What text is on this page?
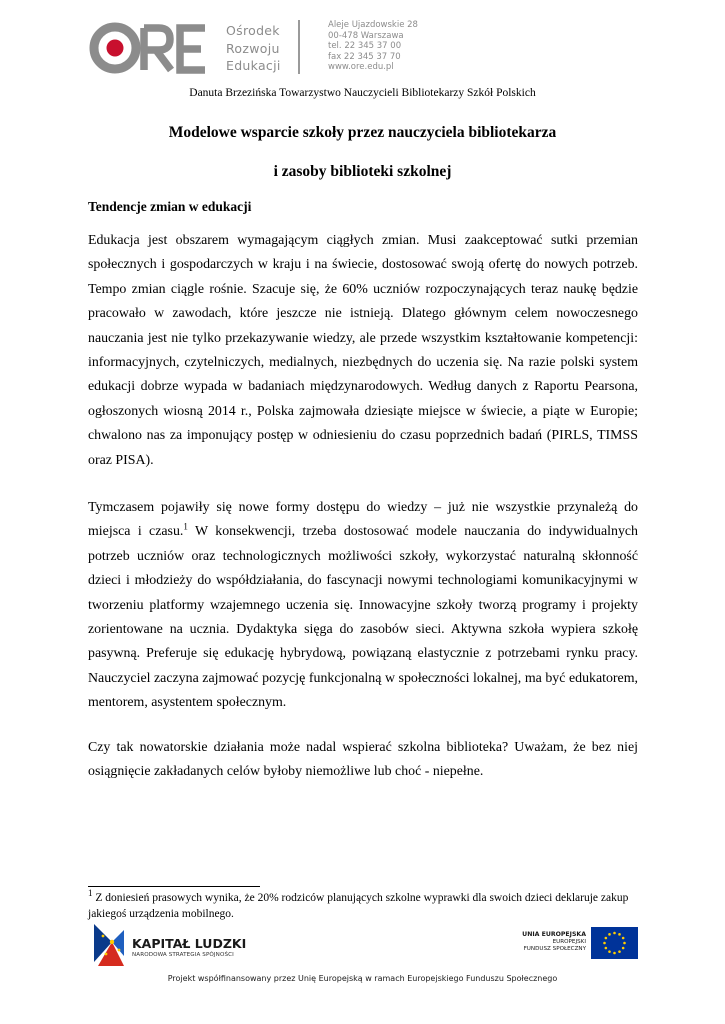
Ośrodek
Rozwoju
Edukacji
Aleje Ujazdowskie 28
00-478 Warszawa
tel. 22 345 37 00
fax 22 345 37 70
www.ore.edu.pl
Danuta Brzezińska Towarzystwo Nauczycieli Bibliotekarzy Szkół Polskich
Modelowe wsparcie szkoły przez nauczyciela bibliotekarza
i zasoby biblioteki szkolnej
Tendencje zmian w edukacji
Edukacja jest obszarem wymagającym ciągłych zmian. Musi zaakceptować sutki przemian społecznych i gospodarczych w kraju i na świecie, dostosować swoją ofertę do nowych potrzeb. Tempo zmian ciągle rośnie. Szacuje się, że 60% uczniów rozpoczynających teraz naukę będzie pracowało w zawodach, które jeszcze nie istnieją. Dlatego głównym celem nowoczesnego nauczania jest nie tylko przekazywanie wiedzy, ale przede wszystkim kształtowanie kompetencji: informacyjnych, czytelniczych, medialnych, niezbędnych do uczenia się. Na razie polski system edukacji dobrze wypada w badaniach międzynarodowych. Według danych z Raportu Pearsona, ogłoszonych wiosną 2014 r., Polska zajmowała dziesiąte miejsce w świecie, a piąte w Europie; chwalono nas za imponujący postęp w odniesieniu do czasu poprzednich badań (PIRLS, TIMSS oraz PISA).
Tymczasem pojawiły się nowe formy dostępu do wiedzy – już nie wszystkie przynależą do miejsca i czasu.$^1$ W konsekwencji, trzeba dostosować modele nauczania do indywidualnych potrzeb uczniów oraz technologicznych możliwości szkoły, wykorzystać naturalną skłonność dzieci i młodzieży do współdziałania, do fascynacji nowymi technologiami komunikacyjnymi w tworzeniu platformy wzajemnego uczenia się. Innowacyjne szkoły tworzą programy i projekty zorientowane na ucznia. Dydaktyka sięga do zasobów sieci. Aktywna szkoła wypiera szkołę pasywną. Preferuje się edukację hybrydową, powiązaną elastycznie z potrzebami rynku pracy. Nauczyciel zaczyna zajmować pozycję funkcjonalną w społeczności lokalnej, ma być edukatorem, mentorem, asystentem społecznym.
Czy tak nowatorskie działania może nadal wspierać szkolna biblioteka? Uważam, że bez niej osiągnięcie zakładanych celów byłoby niemożliwe lub choć - niepełne.
$^1$ Z doniesień prasowych wynika, że 20% rodziców planujących szkolne wyprawki dla swoich dzieci deklaruje zakup jakiegoś urządzenia mobilnego.
KAPITAŁ LUDZKI
NARODOWA STRATEGIA SPÓJNOŚCI
UNIA EUROPEJSKA
EUROPEJSKI
FUNDUSZ SPOŁECZNY
Projekt współfinansowany przez Unię Europejską w ramach Europejskiego Funduszu Społecznego
